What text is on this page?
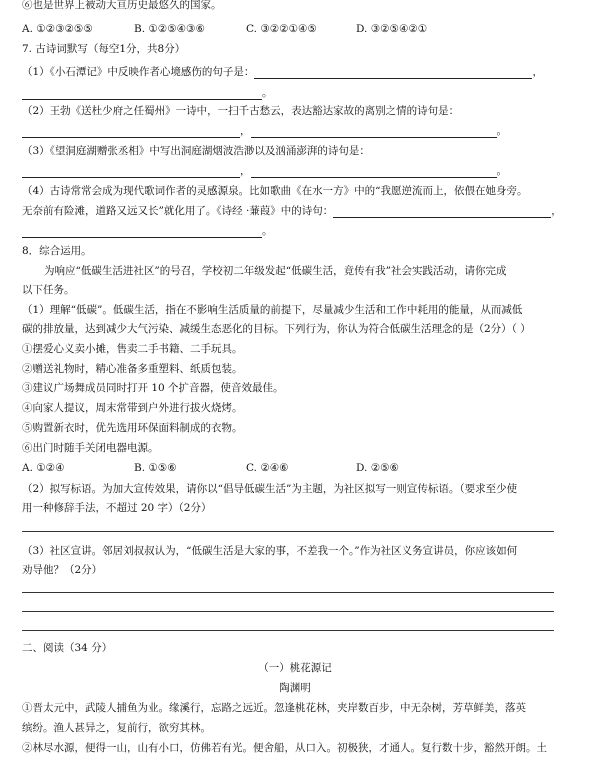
⑥也是世界上被动大亘历史最悠久的国家。
A. ①②③②⑤⑤	B. ①②⑤④③⑥	C. ③②②①④⑤	D. ③②⑤④②①
7. 古诗词默写（每空1分，共8分）
（1）《小石潭记》中反映作者心境感伤的句子是：	，
。
（2）王勃《送杜少府之任蜀州》一诗中，一扫千古愁云，表达豁达家故的离别之情的诗句是：
，	。
（3）《望洞庭湖赠张丞相》中写出洞庭湖烟波浩渺以及汹涌澎湃的诗句是：
，	。
（4）古诗常常会成为现代歌词作者的灵感源泉。比如歌曲《在水一方》中的“我愿逆流而上，依偎在她身旁。
无奈前有险滩，道路又远又长”就化用了。《诗经 ·蒹葭》中的诗句：	，
。
8．综合运用。
为响应“低碳生活进社区”的号召，学校初二年级发起“低碳生活，竟传有我”社会实践活动，请你完成
以下任务。
（1）理解“低碳”。低碳生活，指在不影响生活质量的前提下，尽量减少生活和工作中耗用的能量，从而减低
碳的排放量，达到减少大气污染、减缓生态恶化的目标。下列行为，你认为符合低碳生活理念的是（2分）（ ）
①摆爱心义卖小摊，售卖二手书籍、二手玩具。
②赠送礼物时，精心准备多重塑料、纸质包装。
③建议广场舞成员同时打开 10 个扩音器，使音效最佳。
④向家人提议，周末常带到户外进行拔火烧烤。
⑤购置新衣时，优先选用环保面料制成的衣物。
⑥出门时随手关闭电器电源。
A. ①②④	B. ①⑤⑥	C. ②④⑥	D. ②⑤⑥
（2）拟写标语。为加大宣传效果，请你以“倡导低碳生活”为主题，为社区拟写一则宣传标语。（要求至少使
用一种修辞手法，不超过 20 字）（2分）
（3）社区宣讲。邻居刘叔叔认为，“低碳生活是大家的事，不差我一个。”作为社区义务宣讲员，你应该如何
劝导他？（2分）
二、阅读（34 分）
（一）桃花源记
陶渊明
①晋太元中，武陵人捕鱼为业。缘溪行，忘路之远近。忽逢桃花林，夹岸数百步，中无杂树，芳草鲜美，落英
缤纷。渔人甚异之，复前行，欲穷其林。
②林尽水源，便得一山，山有小口，仿佛若有光。便舍船，从口入。初极狭，才通人。复行数十步，豁然开朗。土
